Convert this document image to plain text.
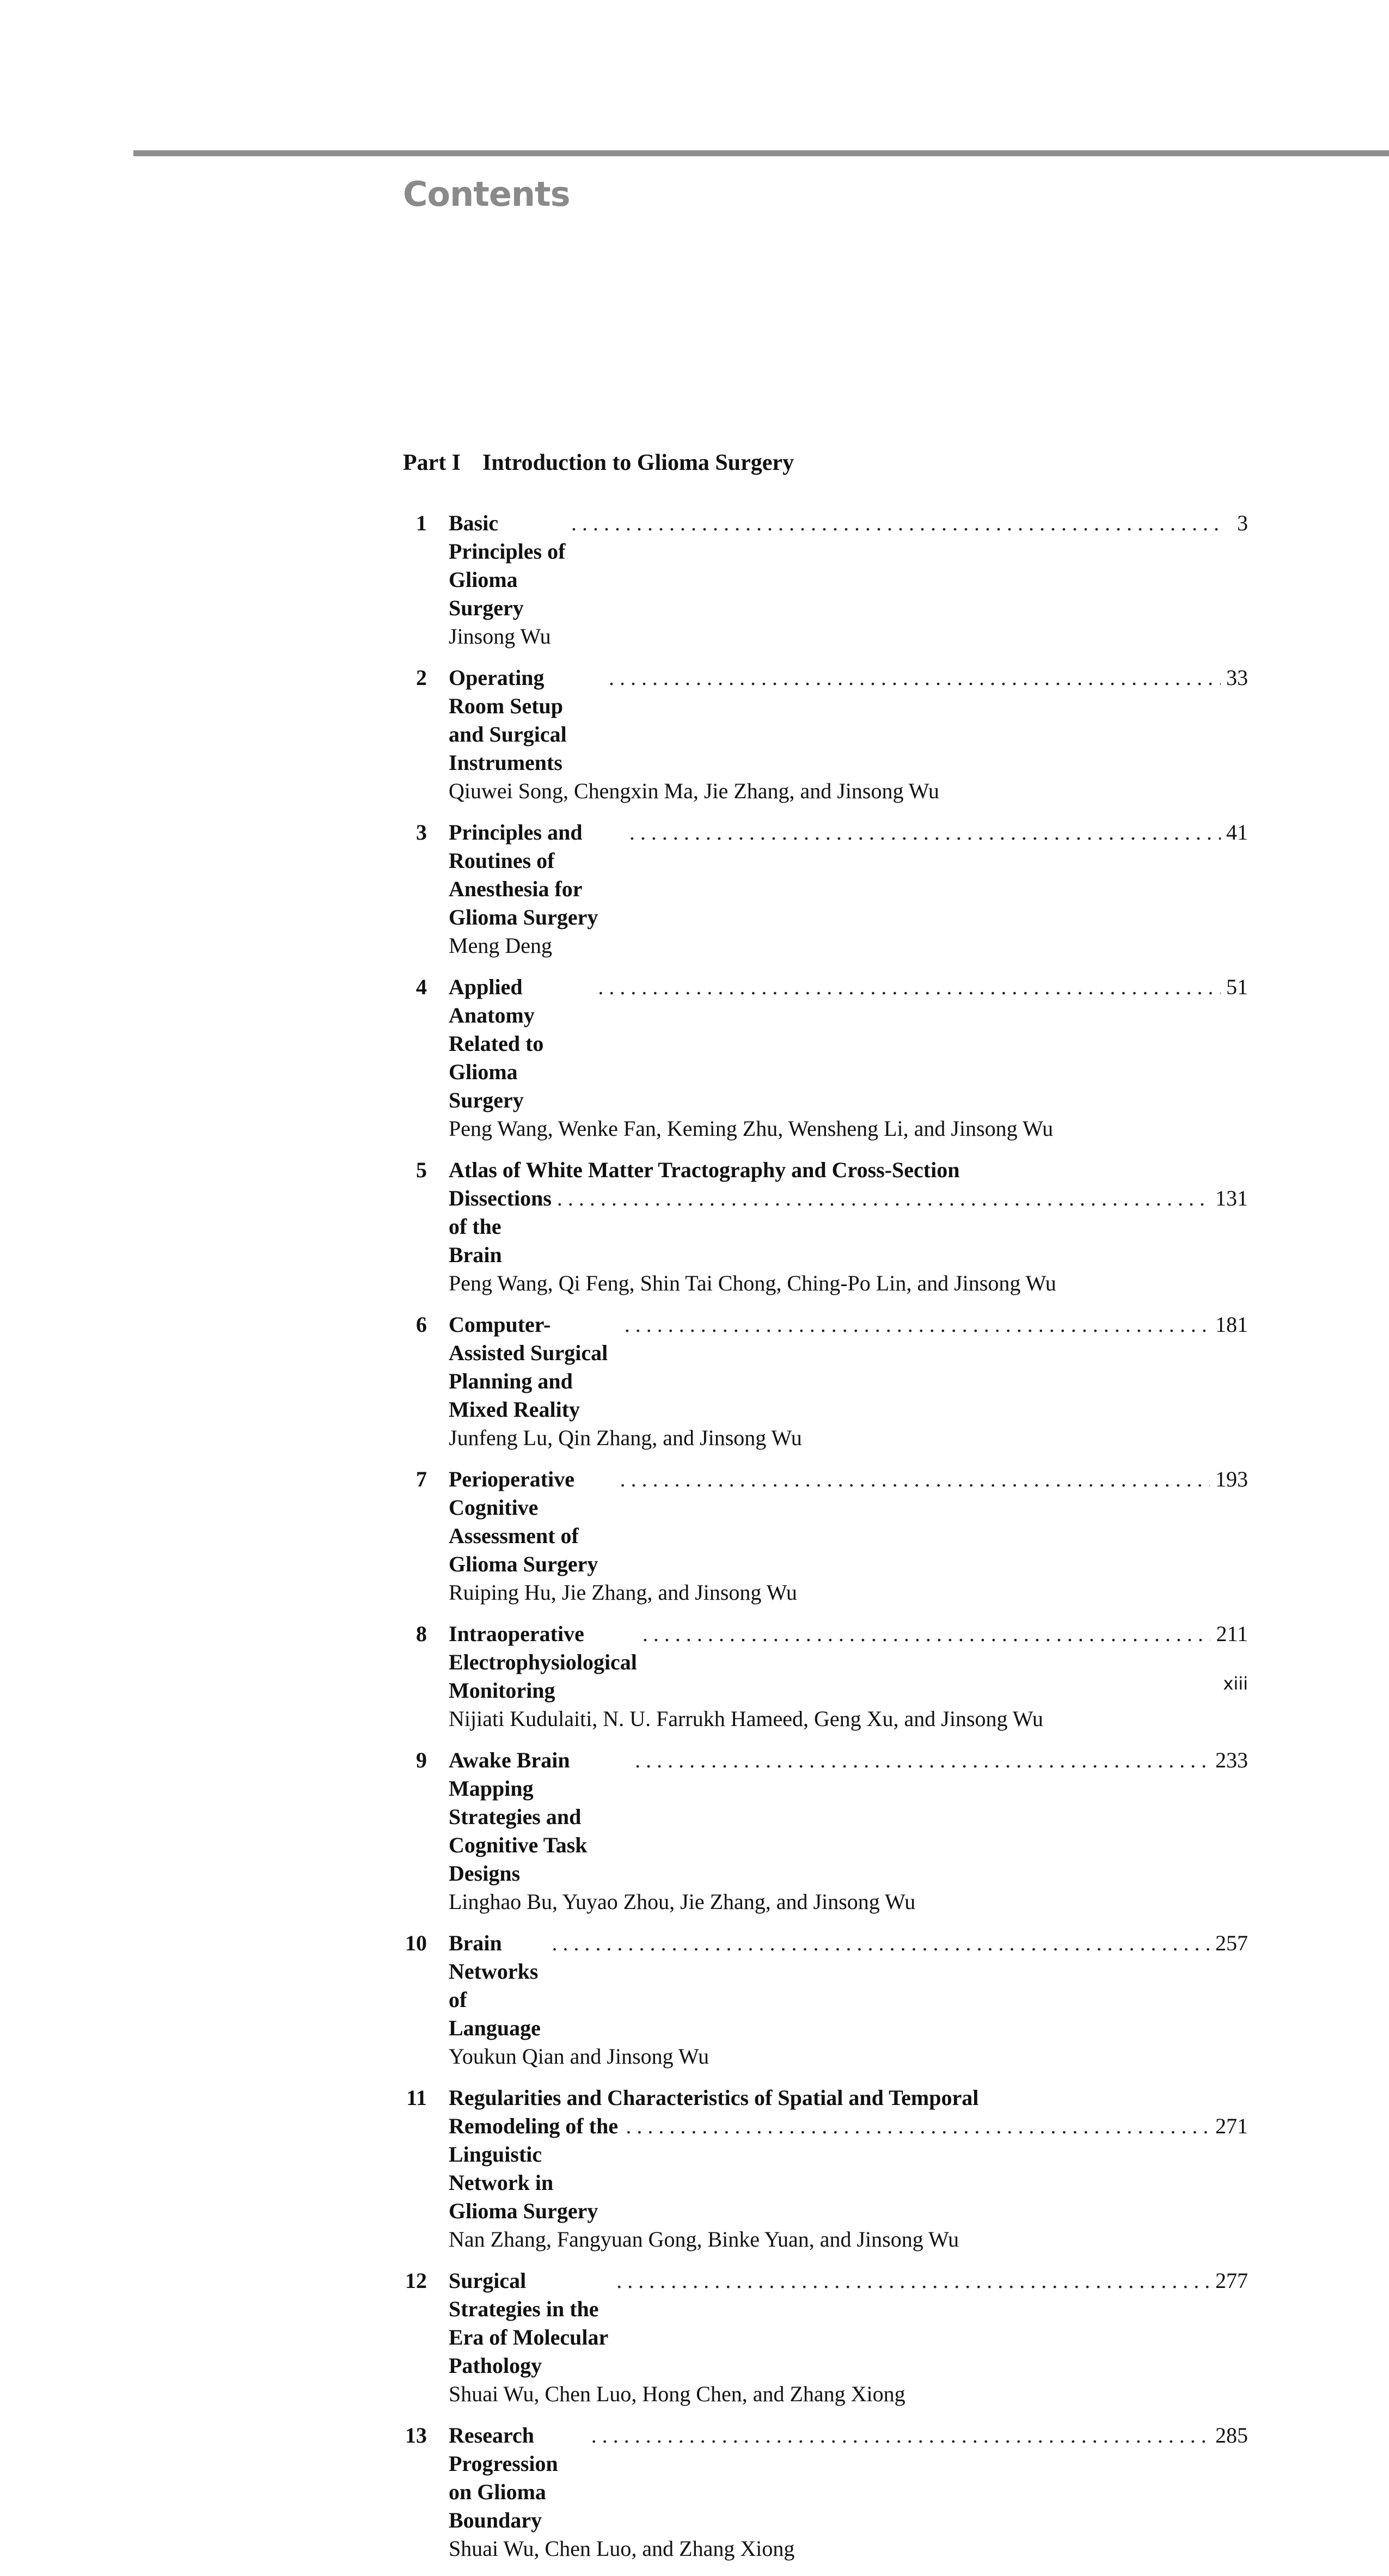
Contents
Part I Introduction to Glioma Surgery
1 Basic Principles of Glioma Surgery
. . .
3
Jinsong Wu
2 Operating Room Setup and Surgical Instruments
. . .
33
Qiuwei Song, Chengxin Ma, Jie Zhang, and Jinsong Wu
3 Principles and Routines of Anesthesia for Glioma Surgery
. . .
41
Meng Deng
4 Applied Anatomy Related to Glioma Surgery
. . .
51
Peng Wang, Wenke Fan, Keming Zhu, Wensheng Li, and Jinsong Wu
5 Atlas of White Matter Tractography and Cross-Section
Dissections of the Brain
. . .
131
Peng Wang, Qi Feng, Shin Tai Chong, Ching-Po Lin, and Jinsong Wu
6 Computer-Assisted Surgical Planning and Mixed Reality
. . .
181
Junfeng Lu, Qin Zhang, and Jinsong Wu
7 Perioperative Cognitive Assessment of Glioma Surgery
. . .
193
Ruiping Hu, Jie Zhang, and Jinsong Wu
8 Intraoperative Electrophysiological Monitoring
. . .
211
Nijiati Kudulaiti, N. U. Farrukh Hameed, Geng Xu, and Jinsong Wu
9 Awake Brain Mapping Strategies and Cognitive Task Designs
. . .
233
Linghao Bu, Yuyao Zhou, Jie Zhang, and Jinsong Wu
10 Brain Networks of Language
. . .
257
Youkun Qian and Jinsong Wu
11 Regularities and Characteristics of Spatial and Temporal
Remodeling of the Linguistic Network in Glioma Surgery
. . .
271
Nan Zhang, Fangyuan Gong, Binke Yuan, and Jinsong Wu
12 Surgical Strategies in the Era of Molecular Pathology
. . .
277
Shuai Wu, Chen Luo, Hong Chen, and Zhang Xiong
13 Research Progression on Glioma Boundary
. . .
285
Shuai Wu, Chen Luo, and Zhang Xiong
xiii
